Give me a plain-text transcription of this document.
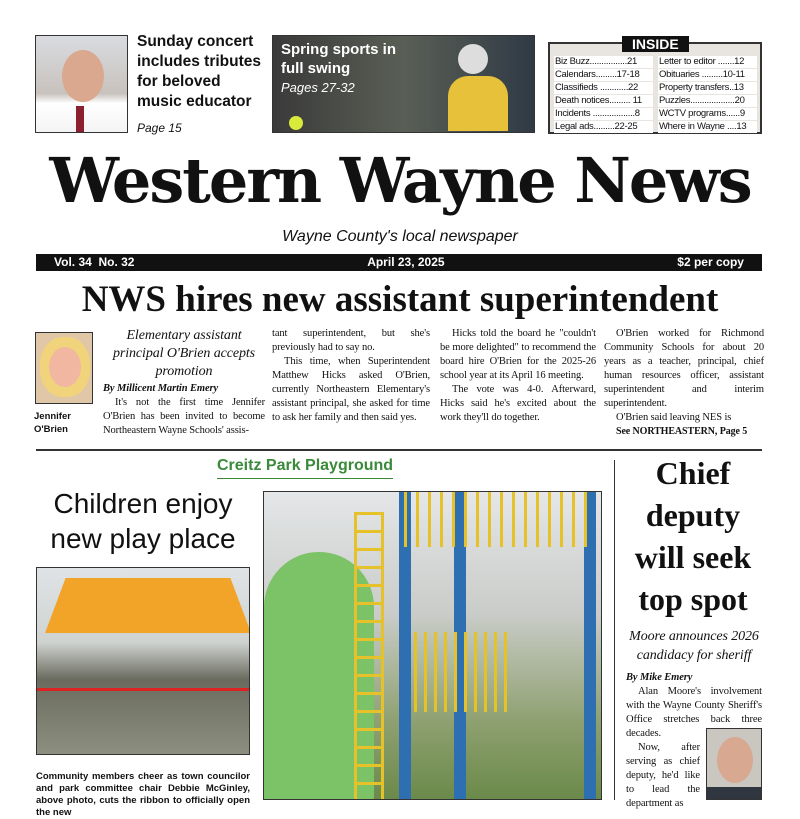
Sunday concert includes tributes for beloved music educator
Page 15
Spring sports in full swing
Pages 27-32
INSIDE
Biz Buzz................21	Letter to editor .......12
Calendars.........17-18	Obituaries .........10-11
Classifieds ............22	Property transfers..13
Death notices......... 11	Puzzles...................20
Incidents ..................8	WCTV programs......9
Legal ads.........22-25	Where in Wayne ....13
Western Wayne News
Wayne County's local newspaper
Vol. 34  No. 32	April 23, 2025	$2 per copy
NWS hires new assistant superintendent
Jennifer O'Brien
Elementary assistant principal O'Brien accepts promotion
By Millicent Martin Emery

It's not the first time Jennifer O'Brien has been invited to become Northeastern Wayne Schools' assis-

tant superintendent, but she's previously had to say no.

This time, when Superintendent Matthew Hicks asked O'Brien, currently Northeastern Elementary's assistant principal, she asked for time to ask her family and then said yes.

Hicks told the board he "couldn't be more delighted" to recommend the board hire O'Brien for the 2025-26 school year at its April 16 meeting.

The vote was 4-0. Afterward, Hicks said he's excited about the work they'll do together.

O'Brien worked for Richmond Community Schools for about 20 years as a teacher, principal, chief human resources officer, assistant superintendent and interim superintendent.

O'Brien said leaving NES is

See NORTHEASTERN, Page 5

Creitz Park Playground
Children enjoy new play place
Community members cheer as town councilor and park committee chair Debbie McGinley, above photo, cuts the ribbon to officially open the new
Chief deputy will seek top spot
Moore announces 2026 candidacy for sheriff
By Mike Emery

Alan Moore's involvement with the Wayne County Sheriff's Office stretches back three decades.

Now, after serving as chief deputy, he'd like to lead the department as
